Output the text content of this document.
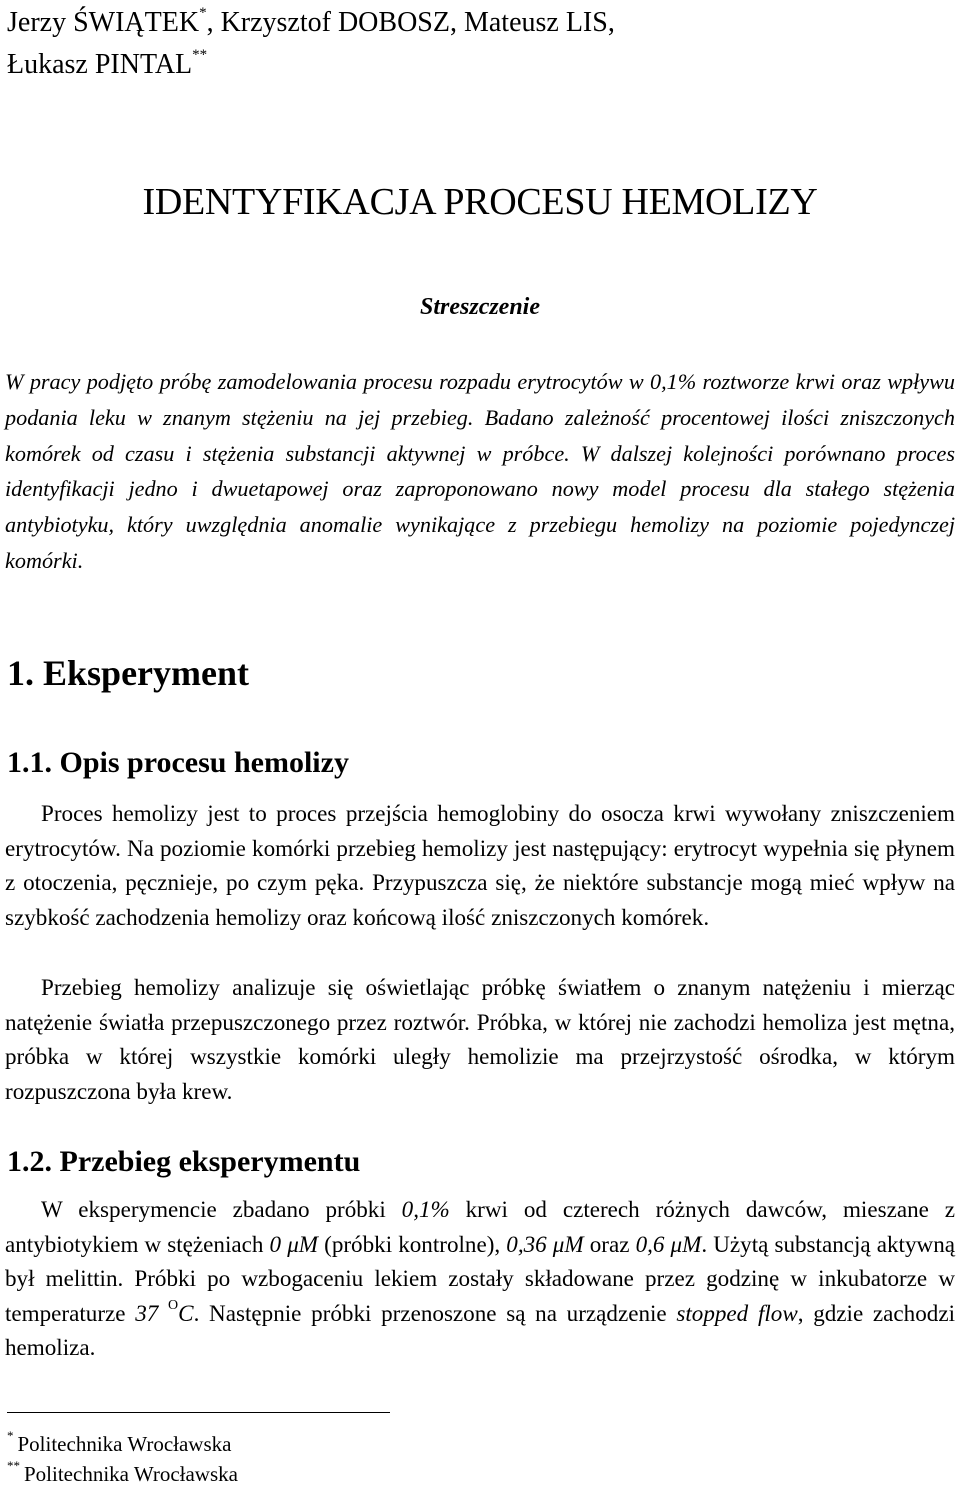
Jerzy ŚWIĄTEK*, Krzysztof DOBOSZ, Mateusz LIS,
Łukasz PINTAL**
IDENTYFIKACJA PROCESU HEMOLIZY
Streszczenie
W pracy podjęto próbę zamodelowania procesu rozpadu erytrocytów w 0,1% roztworze krwi oraz wpływu podania leku w znanym stężeniu na jej przebieg. Badano zależność procentowej ilości zniszczonych komórek od czasu i stężenia substancji aktywnej w próbce. W dalszej kolejności porównano proces identyfikacji jedno i dwuetapowej oraz zaproponowano nowy model procesu dla stałego stężenia antybiotyku, który uwzględnia anomalie wynikające z przebiegu hemolizy na poziomie pojedynczej komórki.
1. Eksperyment
1.1. Opis procesu hemolizy
Proces hemolizy jest to proces przejścia hemoglobiny do osocza krwi wywołany zniszczeniem erytrocytów. Na poziomie komórki przebieg hemolizy jest następujący: erytrocyt wypełnia się płynem z otoczenia, pęcznieje, po czym pęka. Przypuszcza się, że niektóre substancje mogą mieć wpływ na szybkość zachodzenia hemolizy oraz końcową ilość zniszczonych komórek.
Przebieg hemolizy analizuje się oświetlając próbkę światłem o znanym natężeniu i mierząc natężenie światła przepuszczonego przez roztwór. Próbka, w której nie zachodzi hemoliza jest mętna, próbka w której wszystkie komórki uległy hemolizie ma przejrzystość ośrodka, w którym rozpuszczona była krew.
1.2. Przebieg eksperymentu
W eksperymencie zbadano próbki 0,1% krwi od czterech różnych dawców, mieszane z antybiotykiem w stężeniach 0 μM (próbki kontrolne), 0,36 μM oraz 0,6 μM. Użytą substancją aktywną był melittin. Próbki po wzbogaceniu lekiem zostały składowane przez godzinę w inkubatorze w temperaturze 37 $^O$C. Następnie próbki przenoszone są na urządzenie stopped flow, gdzie zachodzi hemoliza.
* Politechnika Wrocławska
** Politechnika Wrocławska
